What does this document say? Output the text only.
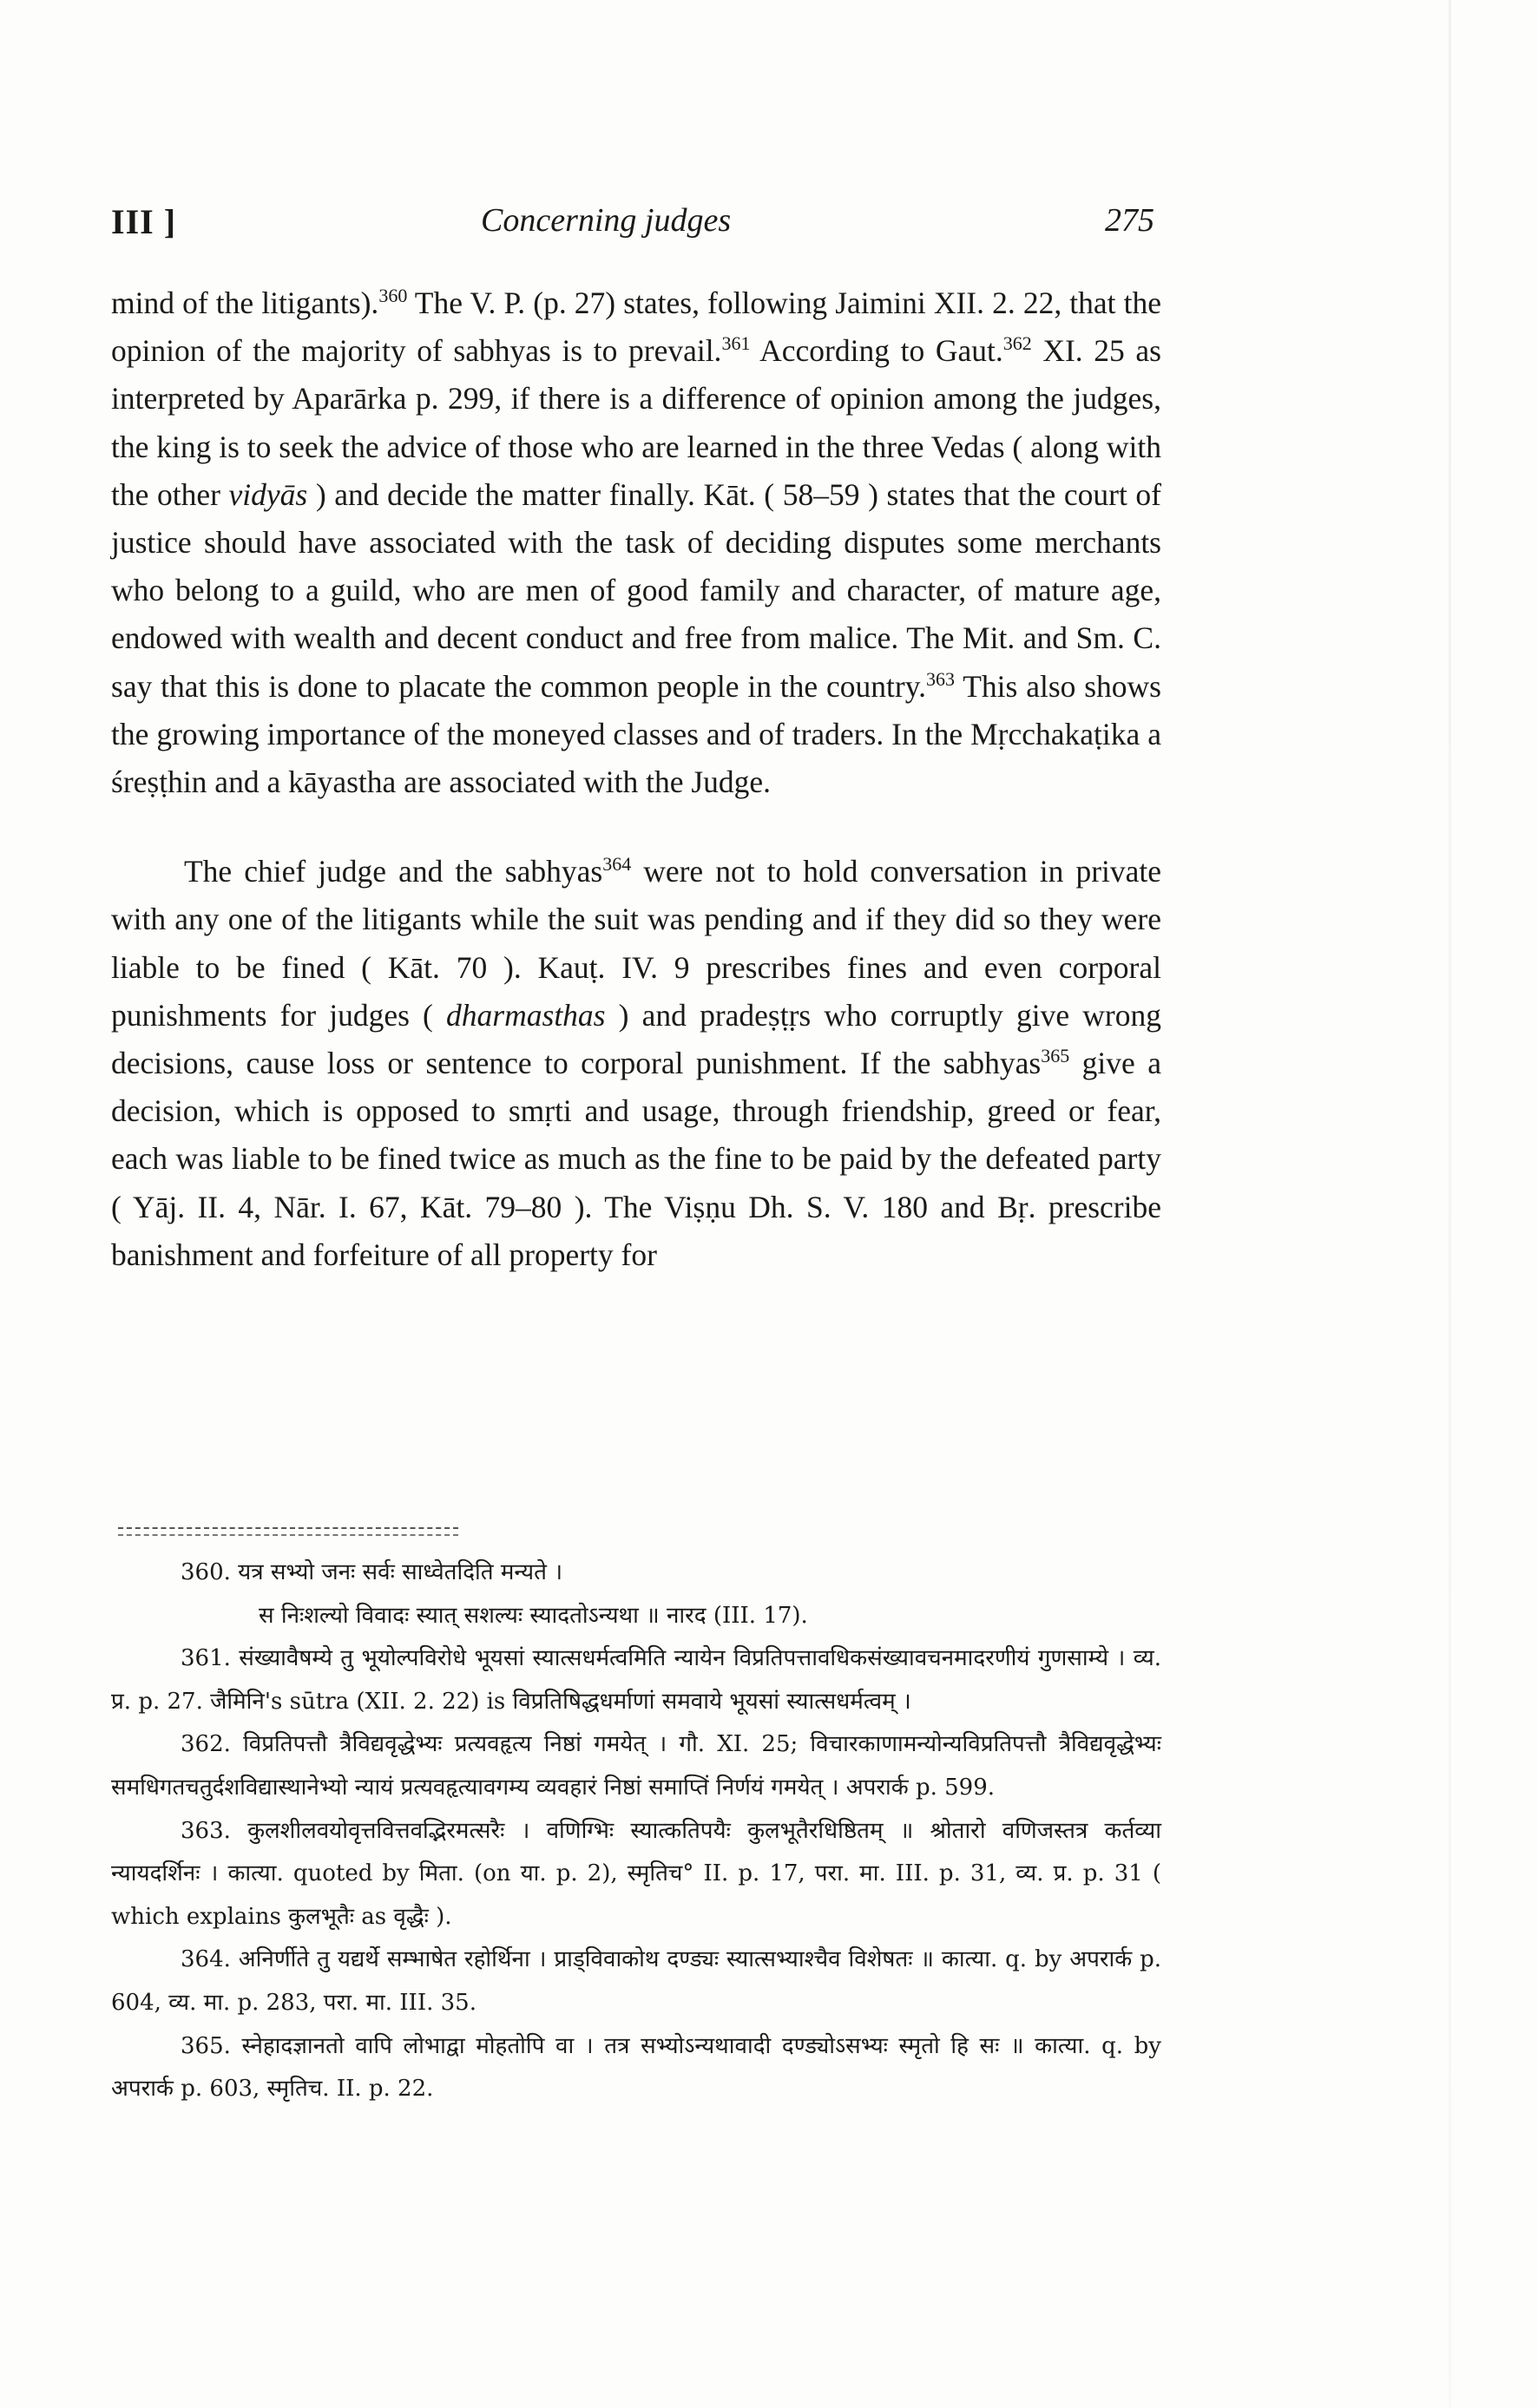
III ]	Concerning judges	275

mind of the litigants).$^{360}$ The V. P. (p. 27) states, following Jaimini XII. 2. 22, that the opinion of the majority of sabhyas is to prevail.$^{361}$ According to Gaut.$^{362}$ XI. 25 as interpreted by Aparārka p. 299, if there is a difference of opinion among the judges, the king is to seek the advice of those who are learned in the three Vedas ( along with the other vidyās ) and decide the matter finally. Kāt. ( 58–59 ) states that the court of justice should have associated with the task of deciding disputes some merchants who belong to a guild, who are men of good family and character, of mature age, endowed with wealth and decent conduct and free from malice. The Mit. and Sm. C. say that this is done to placate the common people in the country.$^{363}$ This also shows the growing importance of the moneyed classes and of traders. In the Mṛcchakaṭika a śreṣṭhin and a kāyastha are associated with the Judge.

The chief judge and the sabhyas$^{364}$ were not to hold conversation in private with any one of the litigants while the suit was pending and if they did so they were liable to be fined ( Kāt. 70 ). Kauṭ. IV. 9 prescribes fines and even corporal punishments for judges ( dharmasthas ) and pradeṣṭṛs who corruptly give wrong decisions, cause loss or sentence to corporal punishment. If the sabhyas$^{365}$ give a decision, which is opposed to smṛti and usage, through friendship, greed or fear, each was liable to be fined twice as much as the fine to be paid by the defeated party ( Yāj. II. 4, Nār. I. 67, Kāt. 79–80 ). The Viṣṇu Dh. S. V. 180 and Bṛ. prescribe banishment and forfeiture of all property for

360. यत्र सभ्यो जनः सर्वः साध्वेतदिति मन्यते ।
स निःशल्यो विवादः स्यात् सशल्यः स्यादतोऽन्यथा ॥ नारद (III. 17).

361. संख्यावैषम्ये तु भूयोल्पविरोधे भूयसां स्यात्सधर्मत्वमिति न्यायेन विप्रतिपत्तावधिकसंख्यावचनमादरणीयं गुणसाम्ये । व्य. प्र. p. 27. जैमिनि's sūtra (XII. 2. 22) is विप्रतिषिद्धधर्माणां समवाये भूयसां स्यात्सधर्मत्वम् ।

362. विप्रतिपत्तौ त्रैविद्यवृद्धेभ्यः प्रत्यवहृत्य निष्ठां गमयेत् । गौ. XI. 25; विचारकाणामन्योन्यविप्रतिपत्तौ त्रैविद्यवृद्धेभ्यः समधिगतचतुर्दशविद्यास्थानेभ्यो न्यायं प्रत्यवहृत्यावगम्य व्यवहारं निष्ठां समाप्तिं निर्णयं गमयेत् । अपरार्क p. 599.

363. कुलशीलवयोवृत्तवित्तवद्भिरमत्सरैः । वणिग्भिः स्यात्कतिपयैः कुलभूतैरधिष्ठितम् ॥ श्रोतारो वणिजस्तत्र कर्तव्या न्यायदर्शिनः । कात्या. quoted by मिता. (on या. p. 2), स्मृतिच° II. p. 17, परा. मा. III. p. 31, व्य. प्र. p. 31 ( which explains कुलभूतैः as वृद्धैः ).

364. अनिर्णीते तु यद्यर्थे सम्भाषेत रहोर्थिना । प्राड्विवाकोथ दण्ड्यः स्यात्सभ्याश्चैव विशेषतः ॥ कात्या. q. by अपरार्क p. 604, व्य. मा. p. 283, परा. मा. III. 35.

365. स्नेहादज्ञानतो वापि लोभाद्वा मोहतोपि वा । तत्र सभ्योऽन्यथावादी दण्ड्योऽसभ्यः स्मृतो हि सः ॥ कात्या. q. by अपरार्क p. 603, स्मृतिच. II. p. 22.
